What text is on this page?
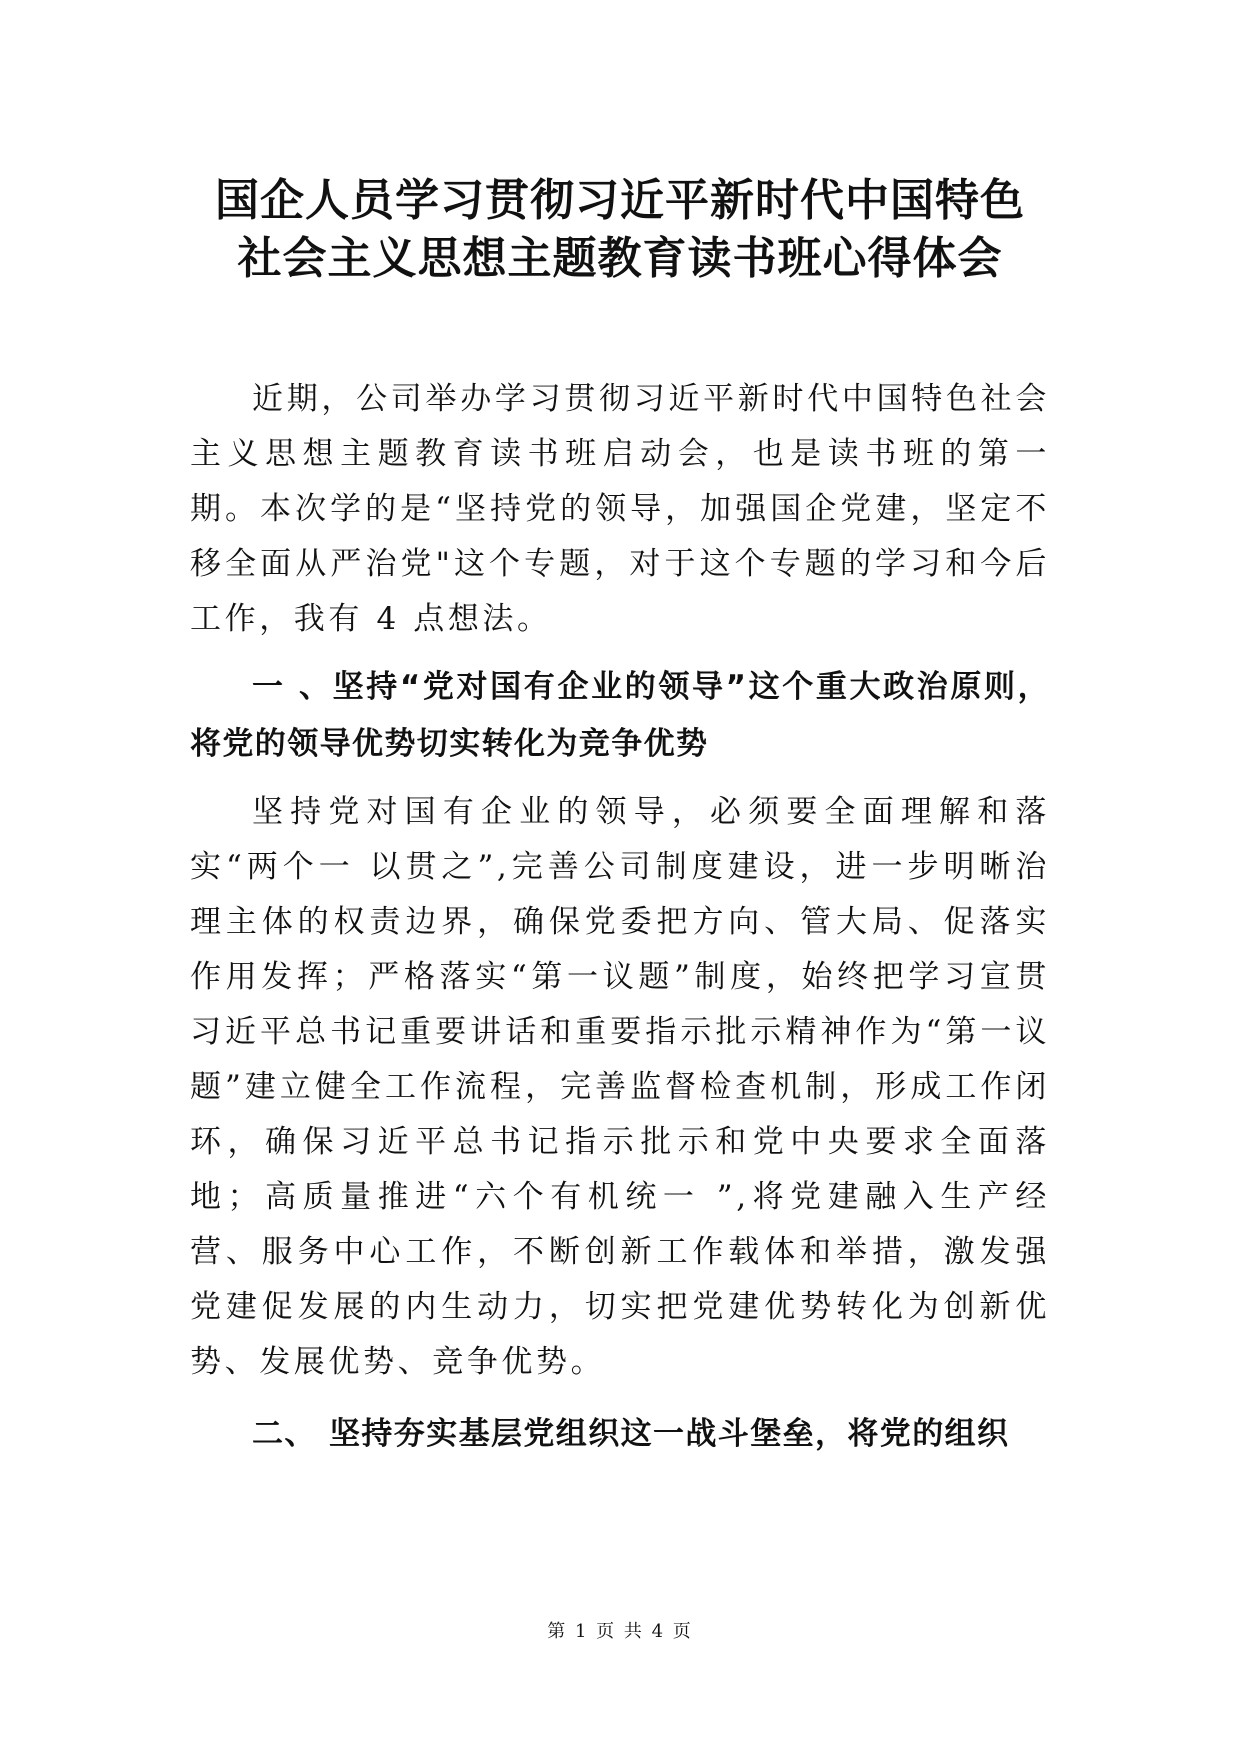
国企人员学习贯彻习近平新时代中国特色
社会主义思想主题教育读书班心得体会

近期，公司举办学习贯彻习近平新时代中国特色社会主义思想主题教育读书班启动会，也是读书班的第一期。本次学的是“坚持党的领导，加强国企党建，坚定不移全面从严治党"这个专题，对于这个专题的学习和今后工作，我有 4 点想法。

一 、坚持“党对国有企业的领导”这个重大政治原则，将党的领导优势切实转化为竞争优势

坚持党对国有企业的领导，必须要全面理解和落实“两个一 以贯之”,完善公司制度建设，进一步明晰治理主体的权责边界，确保党委把方向、管大局、促落实作用发挥；严格落实“第一议题”制度，始终把学习宣贯习近平总书记重要讲话和重要指示批示精神作为“第一议题”建立健全工作流程，完善监督检查机制，形成工作闭环，确保习近平总书记指示批示和党中央要求全面落地；高质量推进“六个有机统一 ”,将党建融入生产经营、服务中心工作，不断创新工作载体和举措，激发强党建促发展的内生动力，切实把党建优势转化为创新优势、发展优势、竞争优势。

二、 坚持夯实基层党组织这一战斗堡垒，将党的组织

第 1 页 共 4 页
